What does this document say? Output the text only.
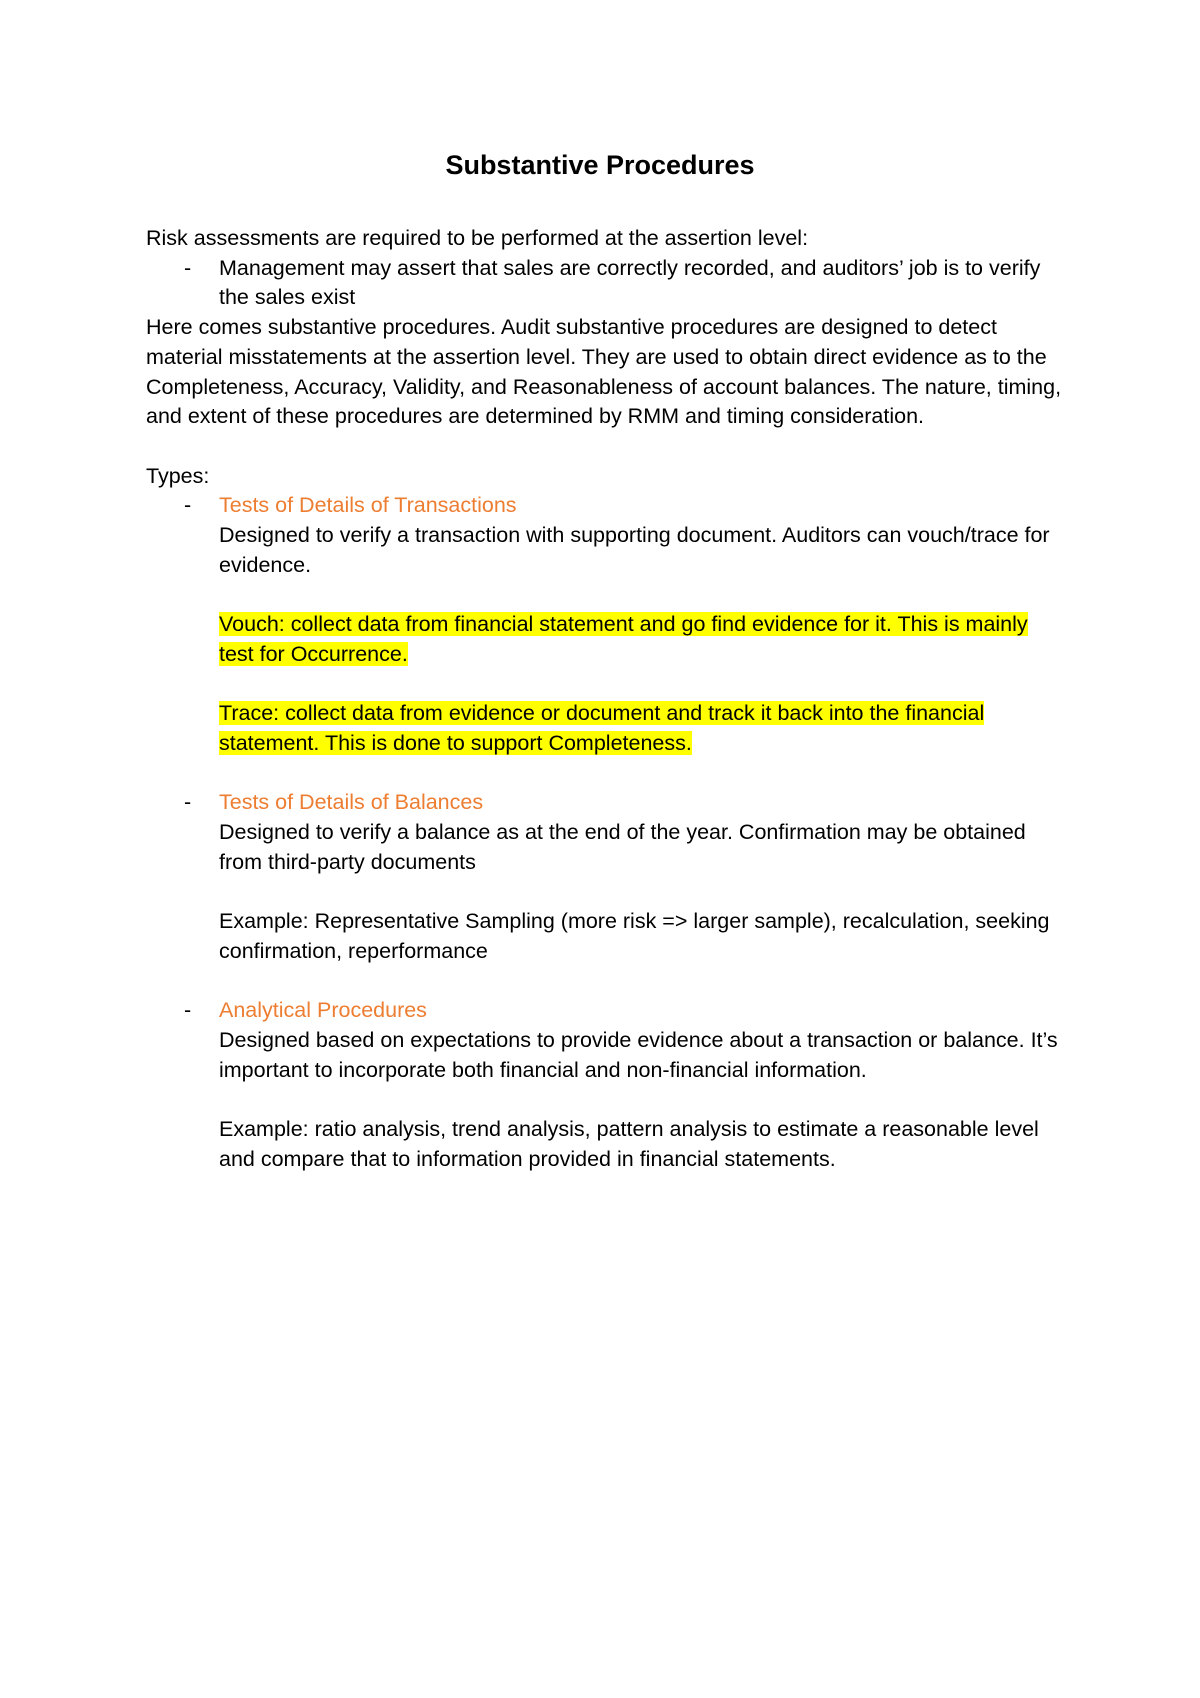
Substantive Procedures

Risk assessments are required to be performed at the assertion level:

- Management may assert that sales are correctly recorded, and auditors’ job is to verify the sales exist

Here comes substantive procedures. Audit substantive procedures are designed to detect material misstatements at the assertion level. They are used to obtain direct evidence as to the Completeness, Accuracy, Validity, and Reasonableness of account balances. The nature, timing, and extent of these procedures are determined by RMM and timing consideration.

Types:

- Tests of Details of Transactions

Designed to verify a transaction with supporting document. Auditors can vouch/trace for evidence.

Vouch: collect data from financial statement and go find evidence for it. This is mainly test for Occurrence.

Trace: collect data from evidence or document and track it back into the financial statement. This is done to support Completeness.

- Tests of Details of Balances

Designed to verify a balance as at the end of the year. Confirmation may be obtained from third-party documents

Example: Representative Sampling (more risk => larger sample), recalculation, seeking confirmation, reperformance

- Analytical Procedures

Designed based on expectations to provide evidence about a transaction or balance. It’s important to incorporate both financial and non-financial information.

Example: ratio analysis, trend analysis, pattern analysis to estimate a reasonable level and compare that to information provided in financial statements.
